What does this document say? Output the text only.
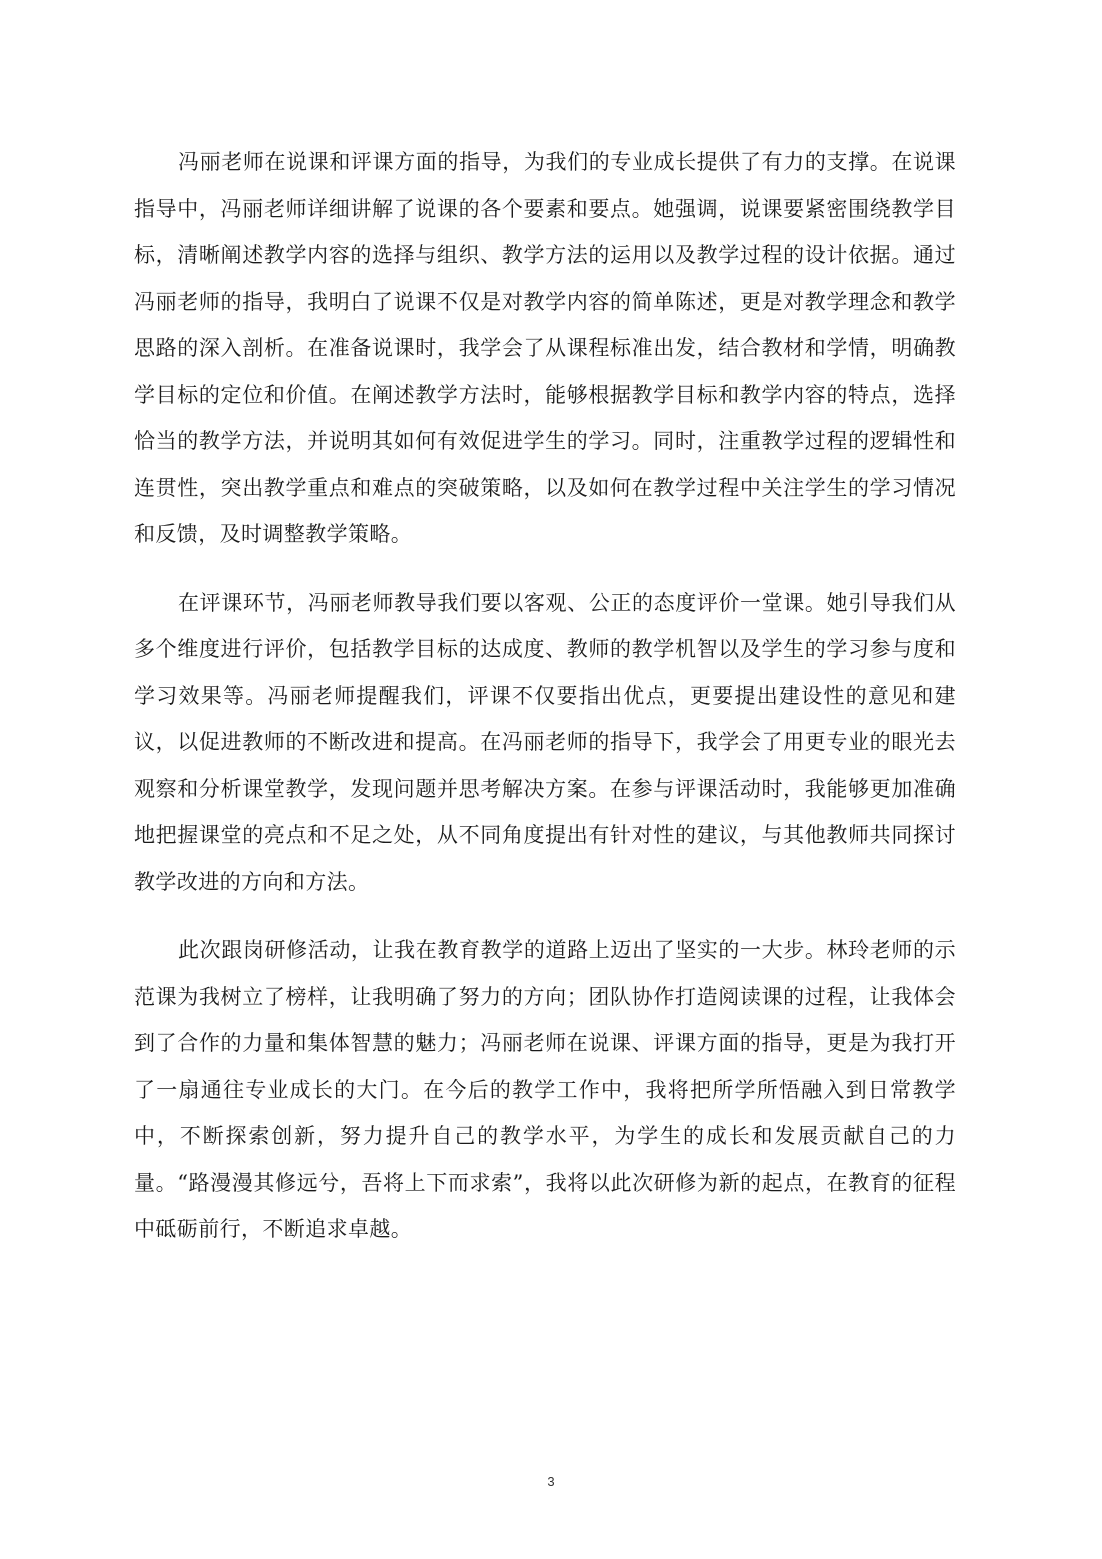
冯丽老师在说课和评课方面的指导，为我们的专业成长提供了有力的支撑。在说课指导中，冯丽老师详细讲解了说课的各个要素和要点。她强调，说课要紧密围绕教学目标，清晰阐述教学内容的选择与组织、教学方法的运用以及教学过程的设计依据。通过冯丽老师的指导，我明白了说课不仅是对教学内容的简单陈述，更是对教学理念和教学思路的深入剖析。在准备说课时，我学会了从课程标准出发，结合教材和学情，明确教学目标的定位和价值。在阐述教学方法时，能够根据教学目标和教学内容的特点，选择恰当的教学方法，并说明其如何有效促进学生的学习。同时，注重教学过程的逻辑性和连贯性，突出教学重点和难点的突破策略，以及如何在教学过程中关注学生的学习情况和反馈，及时调整教学策略。

在评课环节，冯丽老师教导我们要以客观、公正的态度评价一堂课。她引导我们从多个维度进行评价，包括教学目标的达成度、教师的教学机智以及学生的学习参与度和学习效果等。冯丽老师提醒我们，评课不仅要指出优点，更要提出建设性的意见和建议，以促进教师的不断改进和提高。在冯丽老师的指导下，我学会了用更专业的眼光去观察和分析课堂教学，发现问题并思考解决方案。在参与评课活动时，我能够更加准确地把握课堂的亮点和不足之处，从不同角度提出有针对性的建议，与其他教师共同探讨教学改进的方向和方法。

此次跟岗研修活动，让我在教育教学的道路上迈出了坚实的一大步。林玲老师的示范课为我树立了榜样，让我明确了努力的方向；团队协作打造阅读课的过程，让我体会到了合作的力量和集体智慧的魅力；冯丽老师在说课、评课方面的指导，更是为我打开了一扇通往专业成长的大门。在今后的教学工作中，我将把所学所悟融入到日常教学中，不断探索创新，努力提升自己的教学水平，为学生的成长和发展贡献自己的力量。“路漫漫其修远兮，吾将上下而求索”，我将以此次研修为新的起点，在教育的征程中砥砺前行，不断追求卓越。

3
